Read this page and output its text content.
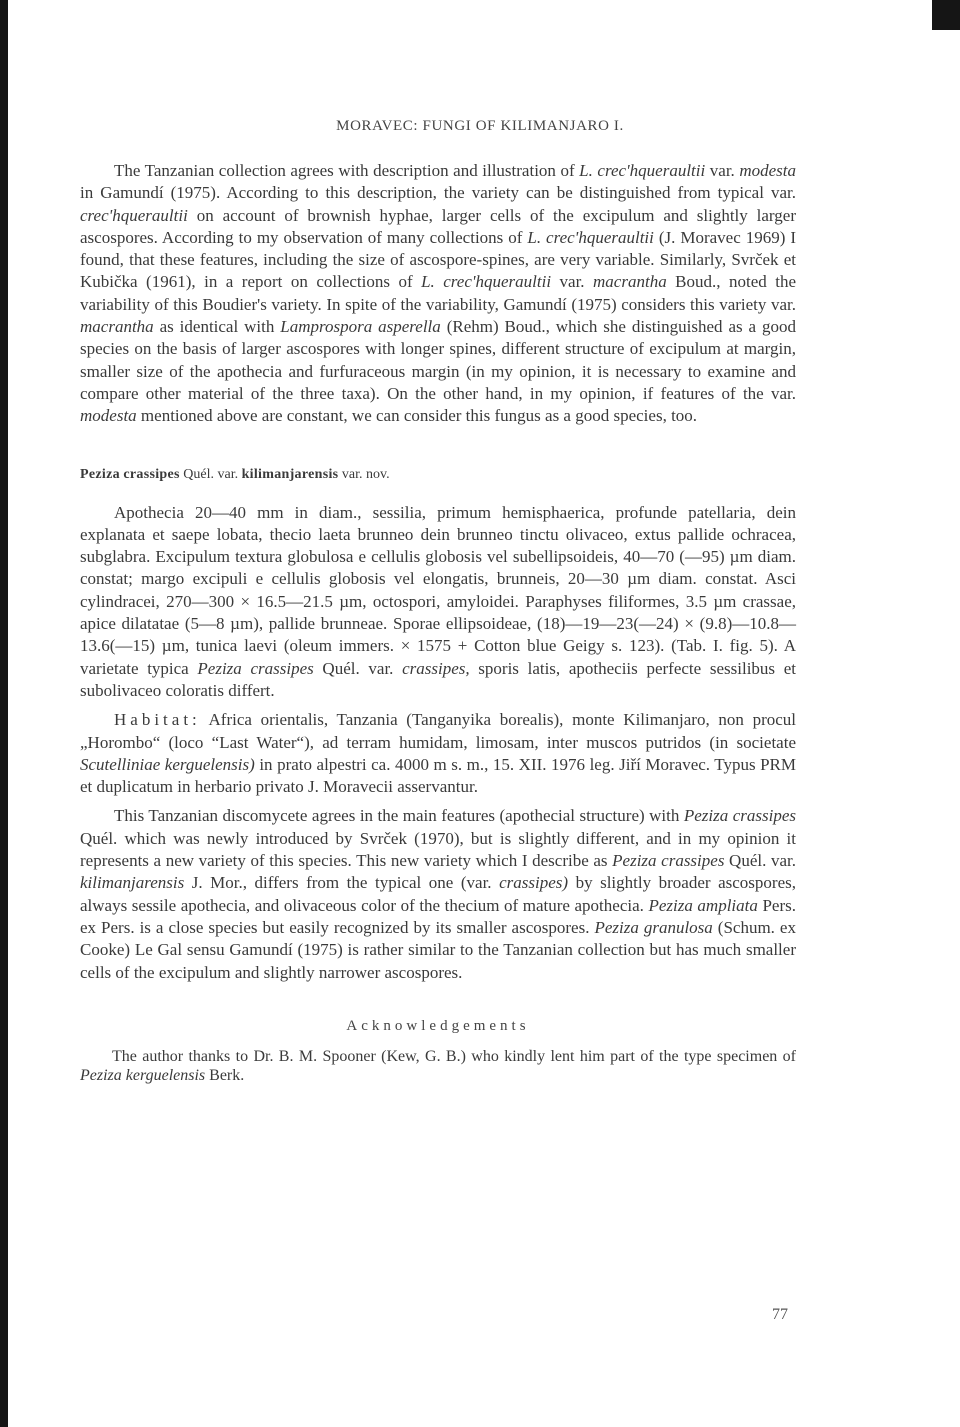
MORAVEC: FUNGI OF KILIMANJARO I.

The Tanzanian collection agrees with description and illustration of L. crec'hqueraultii var. modesta in Gamundí (1975). According to this description, the variety can be distinguished from typical var. crec'hqueraultii on account of brownish hyphae, larger cells of the excipulum and slightly larger ascospores. According to my observation of many collections of L. crec'hqueraultii (J. Moravec 1969) I found, that these features, including the size of ascospore-spines, are very variable. Similarly, Svrček et Kubička (1961), in a report on collections of L. crec'hqueraultii var. macrantha Boud., noted the variability of this Boudier's variety. In spite of the variability, Gamundí (1975) considers this variety var. macrantha as identical with Lamprospora asperella (Rehm) Boud., which she distinguished as a good species on the basis of larger ascospores with longer spines, different structure of excipulum at margin, smaller size of the apothecia and furfuraceous margin (in my opinion, it is necessary to examine and compare other material of the three taxa). On the other hand, in my opinion, if features of the var. modesta mentioned above are constant, we can consider this fungus as a good species, too.

Peziza crassipes Quél. var. kilimanjarensis var. nov.

Apothecia 20—40 mm in diam., sessilia, primum hemisphaerica, profunde patellaria, dein explanata et saepe lobata, thecio laeta brunneo dein brunneo tinctu olivaceo, extus pallide ochracea, subglabra. Excipulum textura globulosa e cellulis globosis vel subellipsoideis, 40—70 (—95) µm diam. constat; margo excipuli e cellulis globosis vel elongatis, brunneis, 20—30 µm diam. constat. Asci cylindracei, 270—300 × 16.5—21.5 µm, octospori, amyloidei. Paraphyses filiformes, 3.5 µm crassae, apice dilatatae (5—8 µm), pallide brunneae. Sporae ellipsoideae, (18)—19—23(—24) × (9.8)—10.8—13.6(—15) µm, tunica laevi (oleum immers. × 1575 + Cotton blue Geigy s. 123). (Tab. I. fig. 5). A varietate typica Peziza crassipes Quél. var. crassipes, sporis latis, apotheciis perfecte sessilibus et subolivaceo coloratis differt.

Habitat: Africa orientalis, Tanzania (Tanganyika borealis), monte Kilimanjaro, non procul „Horombo“ (loco “Last Water“), ad terram humidam, limosam, inter muscos putridos (in societate Scutelliniae kerguelensis) in prato alpestri ca. 4000 m s. m., 15. XII. 1976 leg. Jiří Moravec. Typus PRM et duplicatum in herbario privato J. Moravecii asservantur.

This Tanzanian discomycete agrees in the main features (apothecial structure) with Peziza crassipes Quél. which was newly introduced by Svrček (1970), but is slightly different, and in my opinion it represents a new variety of this species. This new variety which I describe as Peziza crassipes Quél. var. kilimanjarensis J. Mor., differs from the typical one (var. crassipes) by slightly broader ascospores, always sessile apothecia, and olivaceous color of the thecium of mature apothecia. Peziza ampliata Pers. ex Pers. is a close species but easily recognized by its smaller ascospores. Peziza granulosa (Schum. ex Cooke) Le Gal sensu Gamundí (1975) is rather similar to the Tanzanian collection but has much smaller cells of the excipulum and slightly narrower ascospores.

Acknowledgements

The author thanks to Dr. B. M. Spooner (Kew, G. B.) who kindly lent him part of the type specimen of Peziza kerguelensis Berk.

77
